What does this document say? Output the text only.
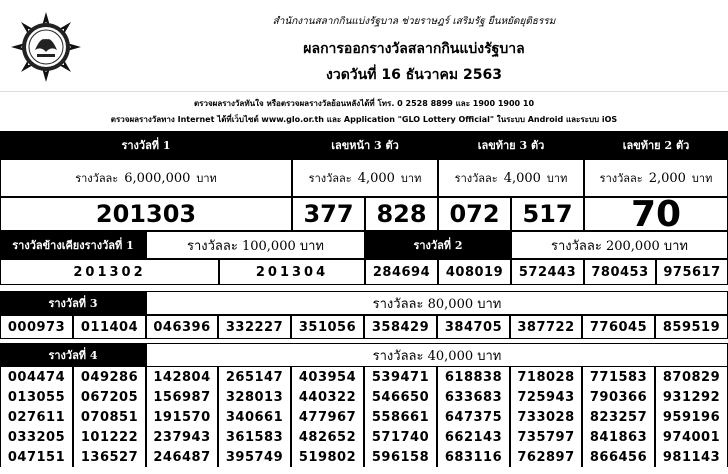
สำนักงานสลากกินแบ่งรัฐบาล ช่วยราษฎร์ เสริมรัฐ ยืนหยัดยุติธรรม
ผลการออกรางวัลสลากกินแบ่งรัฐบาล
งวดวันที่ 16 ธันวาคม 2563
ตรวจผลรางวัลทันใจ หรือตรวจผลรางวัลย้อนหลังได้ที่ โทร. 0 2528 8899 และ 1900 1900 10
ตรวจผลรางวัลทาง Internet ได้ที่เว็บไซต์ www.glo.or.th และ Application "GLO Lottery Official" ในระบบ Android และระบบ iOS
รางวัลที่ 1	เลขหน้า 3 ตัว	เลขท้าย 3 ตัว	เลขท้าย 2 ตัว
รางวัลละ 6,000,000 บาท	รางวัลละ 4,000 บาท	รางวัลละ 4,000 บาท	รางวัลละ 2,000 บาท
201303	377 828 072 517	70
รางวัลข้างเคียงรางวัลที่ 1	รางวัลละ 100,000 บาท	รางวัลที่ 2	รางวัลละ 200,000 บาท
201302	201304	284694	408019	572443	780453	975617
รางวัลที่ 3	รางวัลละ 80,000 บาท
000973	011404	046396	332227	351056	358429	384705	387722	776045	859519
รางวัลที่ 4	รางวัลละ 40,000 บาท
004474	049286	142804	265147	403954	539471	618838	718028	771583	870829
013055	067205	156987	328013	440322	546650	633683	725943	790366	931292
027611	070851	191570	340661	477967	558661	647375	733028	823257	959196
033205	101222	237943	361583	482652	571740	662143	735797	841863	974001
047151	136527	246487	395749	519802	596158	683116	762897	866456	981143
